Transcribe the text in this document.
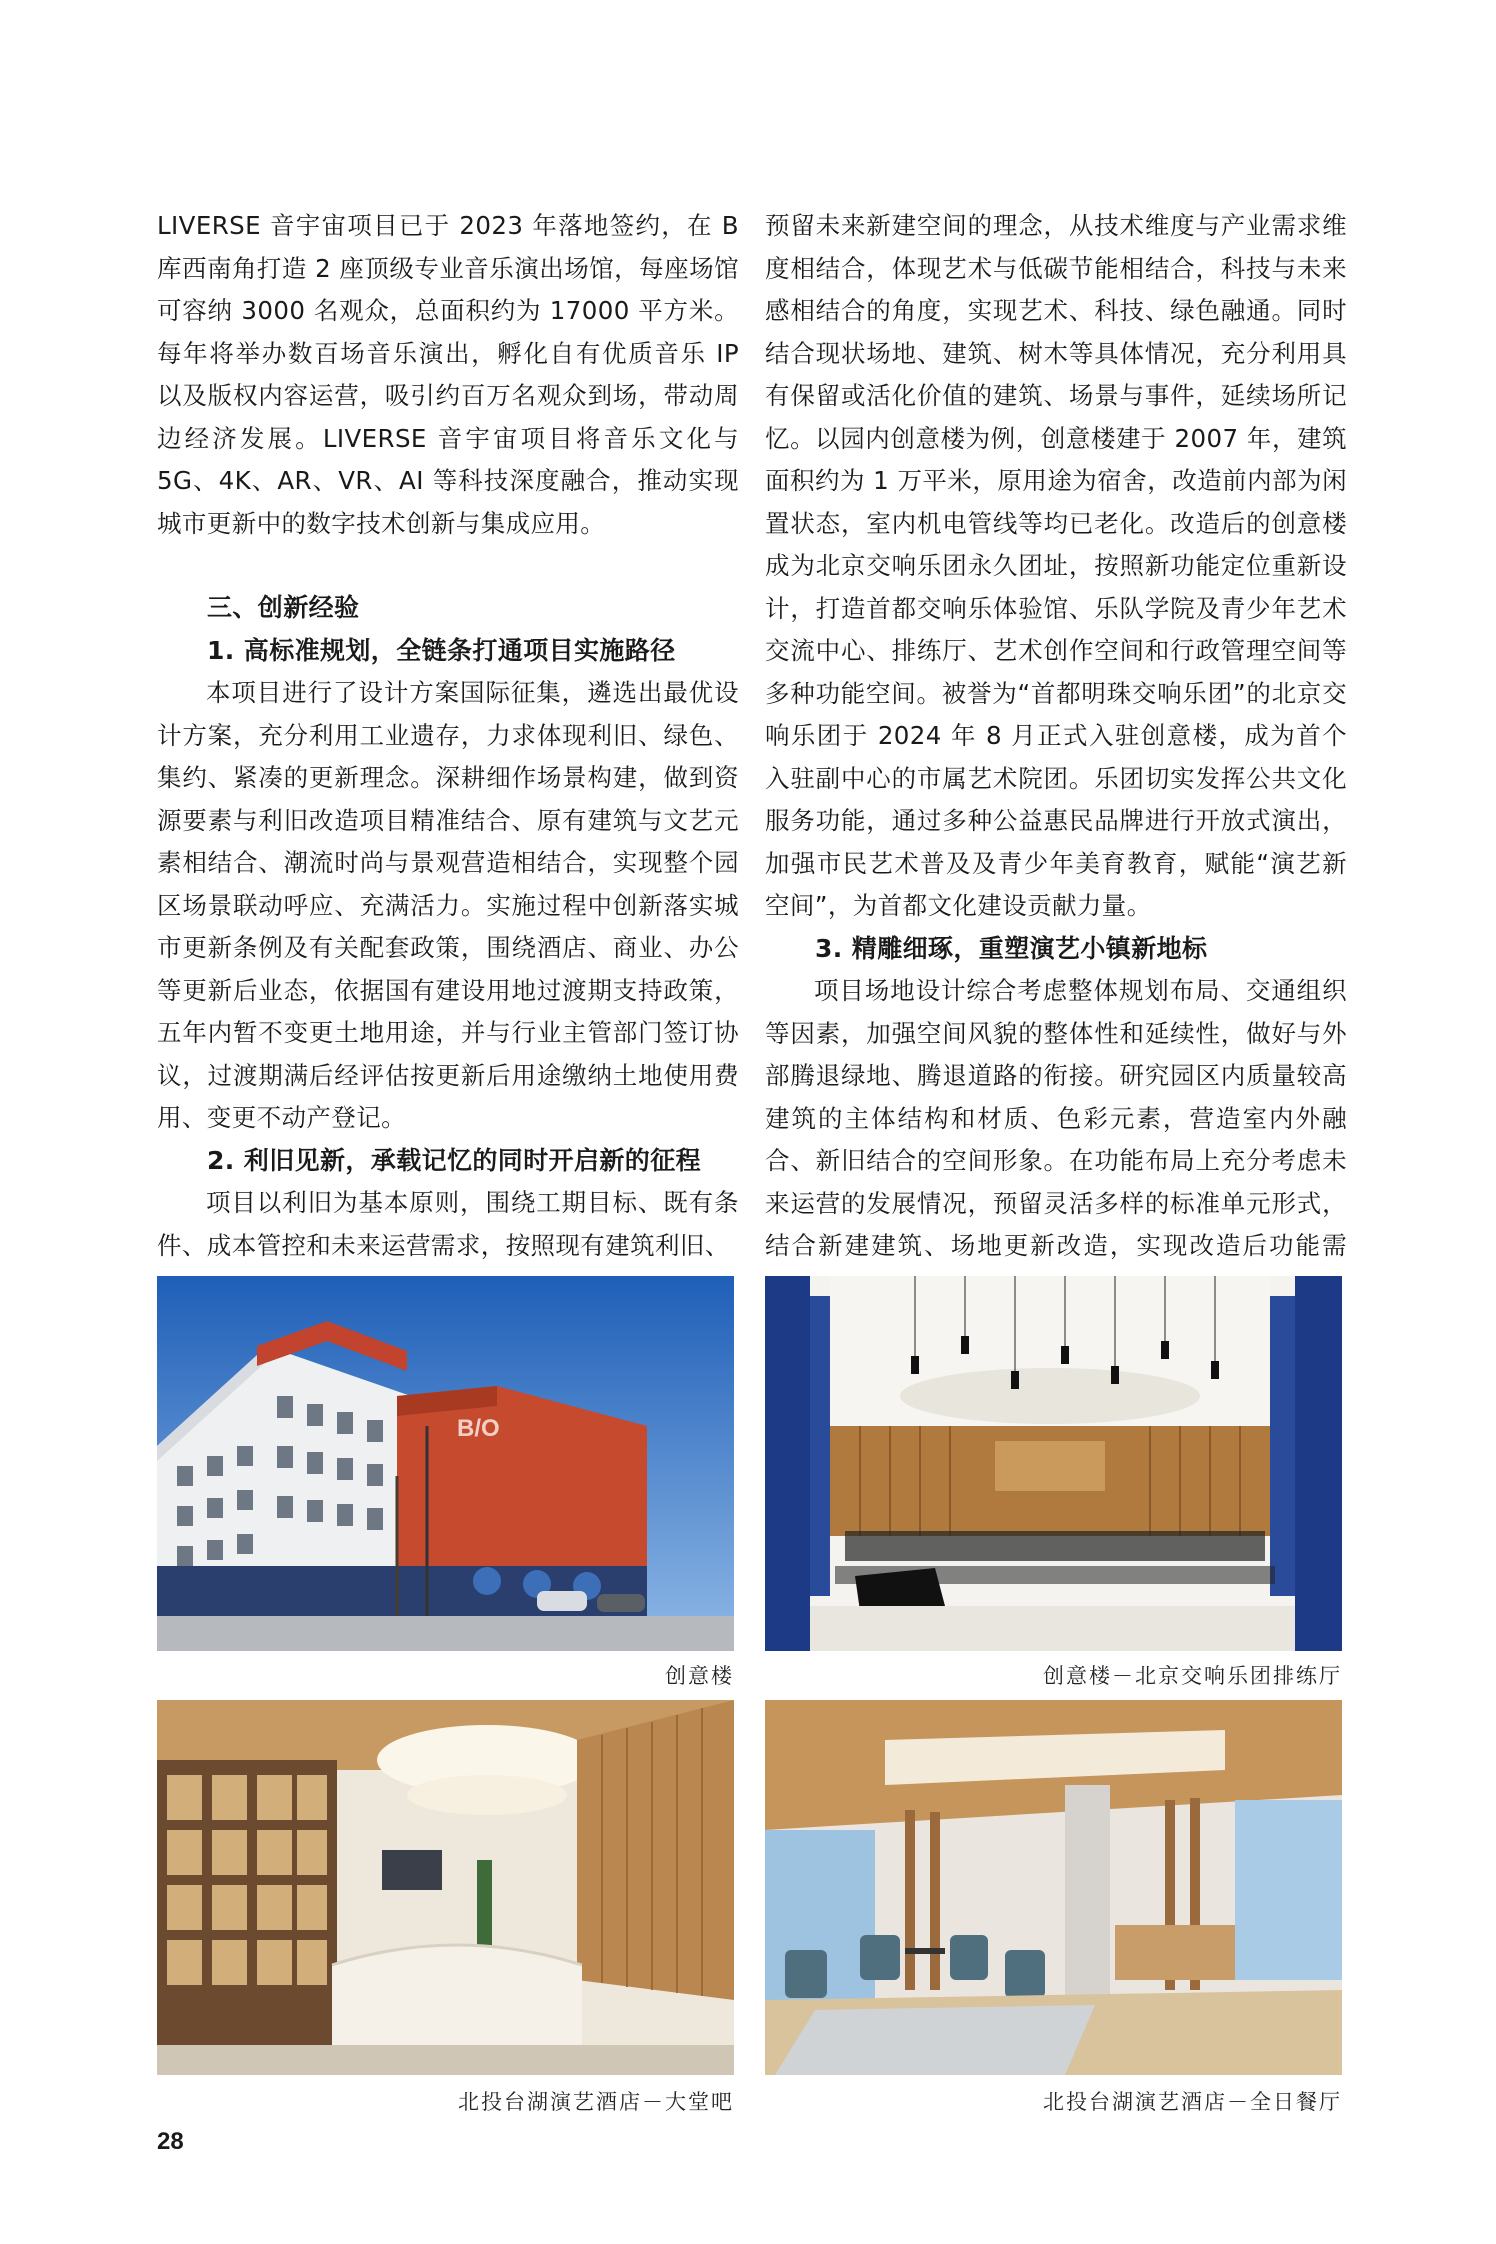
LIVERSE 音宇宙项目已于 2023 年落地签约，在 B 库西南角打造 2 座顶级专业音乐演出场馆，每座场馆可容纳 3000 名观众，总面积约为 17000 平方米。每年将举办数百场音乐演出，孵化自有优质音乐 IP 以及版权内容运营，吸引约百万名观众到场，带动周边经济发展。LIVERSE 音宇宙项目将音乐文化与 5G、4K、AR、VR、AI 等科技深度融合，推动实现城市更新中的数字技术创新与集成应用。

三、创新经验

1. 高标准规划，全链条打通项目实施路径

本项目进行了设计方案国际征集，遴选出最优设计方案，充分利用工业遗存，力求体现利旧、绿色、集约、紧凑的更新理念。深耕细作场景构建，做到资源要素与利旧改造项目精准结合、原有建筑与文艺元素相结合、潮流时尚与景观营造相结合，实现整个园区场景联动呼应、充满活力。实施过程中创新落实城市更新条例及有关配套政策，围绕酒店、商业、办公等更新后业态，依据国有建设用地过渡期支持政策，五年内暂不变更土地用途，并与行业主管部门签订协议，过渡期满后经评估按更新后用途缴纳土地使用费用、变更不动产登记。

2. 利旧见新，承载记忆的同时开启新的征程

项目以利旧为基本原则，围绕工期目标、既有条件、成本管控和未来运营需求，按照现有建筑利旧、

预留未来新建空间的理念，从技术维度与产业需求维度相结合，体现艺术与低碳节能相结合，科技与未来感相结合的角度，实现艺术、科技、绿色融通。同时结合现状场地、建筑、树木等具体情况，充分利用具有保留或活化价值的建筑、场景与事件，延续场所记忆。以园内创意楼为例，创意楼建于 2007 年，建筑面积约为 1 万平米，原用途为宿舍，改造前内部为闲置状态，室内机电管线等均已老化。改造后的创意楼成为北京交响乐团永久团址，按照新功能定位重新设计，打造首都交响乐体验馆、乐队学院及青少年艺术交流中心、排练厅、艺术创作空间和行政管理空间等多种功能空间。被誉为“首都明珠交响乐团”的北京交响乐团于 2024 年 8 月正式入驻创意楼，成为首个入驻副中心的市属艺术院团。乐团切实发挥公共文化服务功能，通过多种公益惠民品牌进行开放式演出，加强市民艺术普及及青少年美育教育，赋能“演艺新空间”，为首都文化建设贡献力量。

3. 精雕细琢，重塑演艺小镇新地标

项目场地设计综合考虑整体规划布局、交通组织等因素，加强空间风貌的整体性和延续性，做好与外部腾退绿地、腾退道路的衔接。研究园区内质量较高建筑的主体结构和材质、色彩元素，营造室内外融合、新旧结合的空间形象。在功能布局上充分考虑未来运营的发展情况，预留灵活多样的标准单元形式，结合新建建筑、场地更新改造，实现改造后功能需

B/O
创意楼	创意楼－北京交响乐团排练厅
北投台湖演艺酒店－大堂吧	北投台湖演艺酒店－全日餐厅
28
